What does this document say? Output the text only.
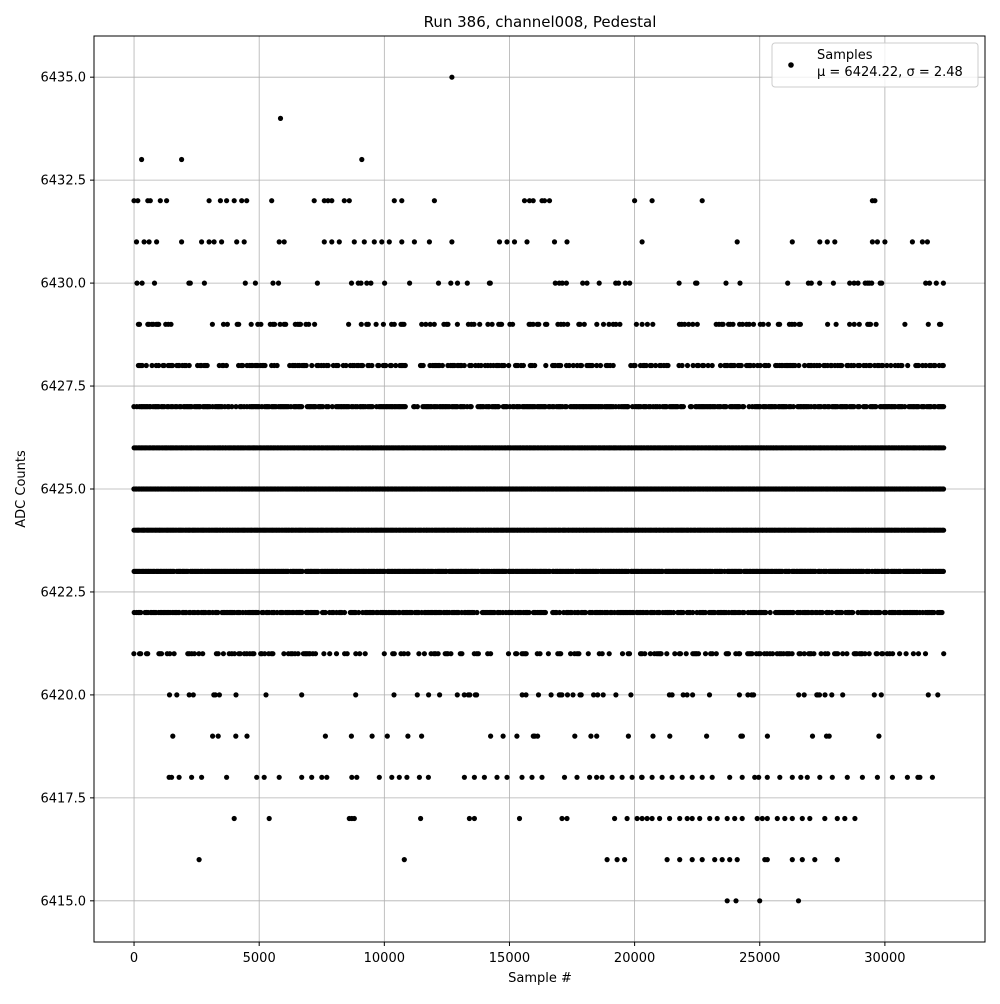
0	5000	10000	15000	20000	25000	30000
6415.0
6417.5
6420.0
6422.5
6425.0
6427.5
6430.0
6432.5
6435.0
Run 386, channel008, Pedestal
Sample #
ADC Counts
Samples
μ = 6424.22, σ = 2.48
